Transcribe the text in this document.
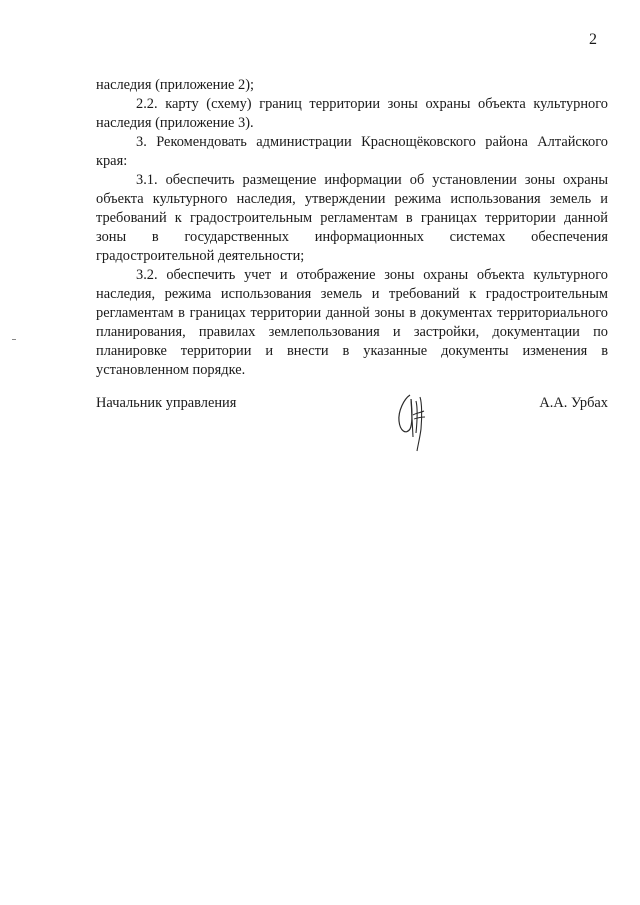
2

наследия (приложение 2);

2.2. карту (схему) границ территории зоны охраны объекта культурного наследия (приложение 3).

3. Рекомендовать администрации Краснощёковского района Алтайского края:

3.1. обеспечить размещение информации об установлении зоны охраны объекта культурного наследия, утверждении режима использования земель и требований к градостроительным регламентам в границах территории данной зоны в государственных информационных системах обеспечения градостроительной деятельности;

3.2. обеспечить учет и отображение зоны охраны объекта культурного наследия, режима использования земель и требований к градостроительным регламентам в границах территории данной зоны в документах территориального планирования, правилах землепользования и застройки, документации по планировке территории и внести в указанные документы изменения в установленном порядке.

Начальник управления	А.А. Урбах
